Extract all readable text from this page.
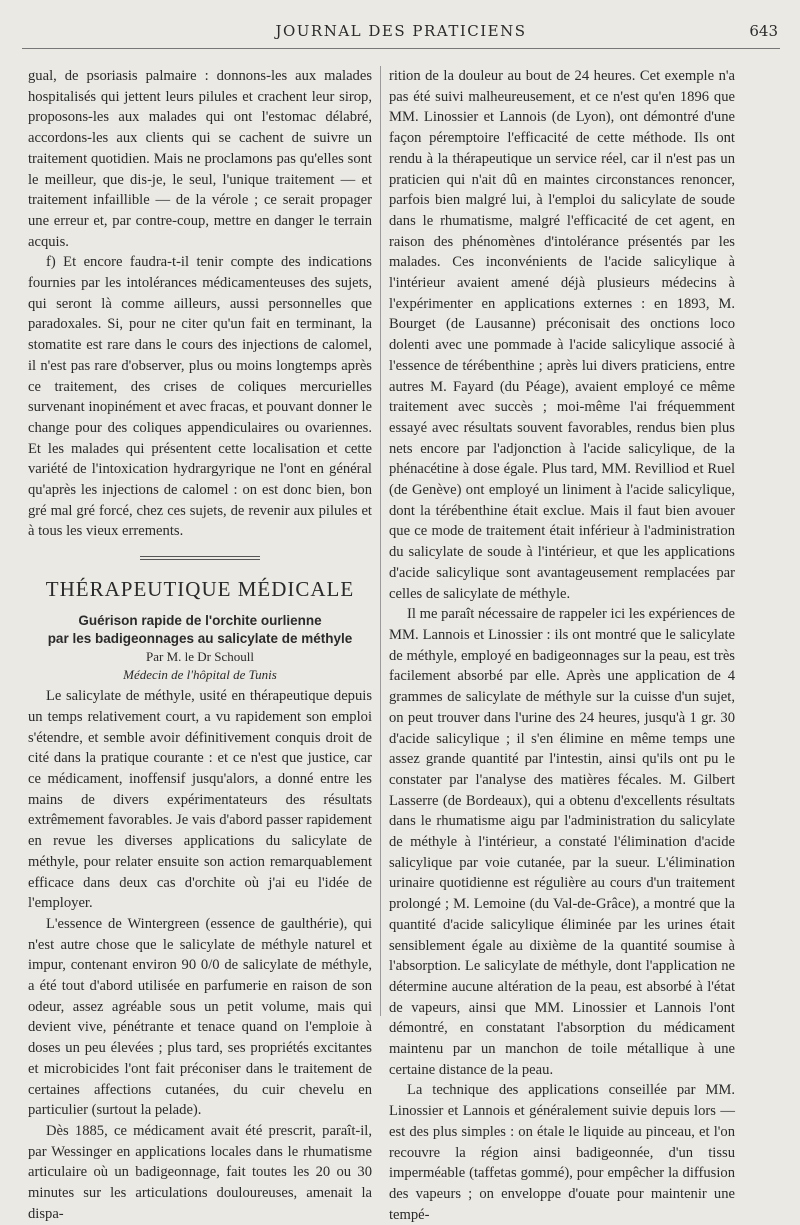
JOURNAL DES PRATICIENS	643

gual, de psoriasis palmaire : donnons-les aux malades hospitalisés qui jettent leurs pilules et crachent leur sirop, proposons-les aux malades qui ont l'estomac délabré, accordons-les aux clients qui se cachent de suivre un traitement quotidien. Mais ne proclamons pas qu'elles sont le meilleur, que dis-je, le seul, l'unique traitement — et traitement infaillible — de la vérole ; ce serait propager une erreur et, par contre-coup, mettre en danger le terrain acquis.

f) Et encore faudra-t-il tenir compte des indications fournies par les intolérances médicamenteuses des sujets, qui seront là comme ailleurs, aussi personnelles que paradoxales. Si, pour ne citer qu'un fait en terminant, la stomatite est rare dans le cours des injections de calomel, il n'est pas rare d'observer, plus ou moins longtemps après ce traitement, des crises de coliques mercurielles survenant inopinément et avec fracas, et pouvant donner le change pour des coliques appendiculaires ou ovariennes. Et les malades qui présentent cette localisation et cette variété de l'intoxication hydrargyrique ne l'ont en général qu'après les injections de calomel : on est donc bien, bon gré mal gré forcé, chez ces sujets, de revenir aux pilules et à tous les vieux errements.

THÉRAPEUTIQUE MÉDICALE
Guérison rapide de l'orchite ourlienne
par les badigeonnages au salicylate de méthyle
Par M. le Dr Schoull
Médecin de l'hôpital de Tunis

Le salicylate de méthyle, usité en thérapeutique depuis un temps relativement court, a vu rapidement son emploi s'étendre, et semble avoir définitivement conquis droit de cité dans la pratique courante : et ce n'est que justice, car ce médicament, inoffensif jusqu'alors, a donné entre les mains de divers expérimentateurs des résultats extrêmement favorables. Je vais d'abord passer rapidement en revue les diverses applications du salicylate de méthyle, pour relater ensuite son action remarquablement efficace dans deux cas d'orchite où j'ai eu l'idée de l'employer.

L'essence de Wintergreen (essence de gaulthérie), qui n'est autre chose que le salicylate de méthyle naturel et impur, contenant environ 90 0/0 de salicylate de méthyle, a été tout d'abord utilisée en parfumerie en raison de son odeur, assez agréable sous un petit volume, mais qui devient vive, pénétrante et tenace quand on l'emploie à doses un peu élevées ; plus tard, ses propriétés excitantes et microbicides l'ont fait préconiser dans le traitement de certaines affections cutanées, du cuir chevelu en particulier (surtout la pelade).

Dès 1885, ce médicament avait été prescrit, paraît-il, par Wessinger en applications locales dans le rhumatisme articulaire où un badigeonnage, fait toutes les 20 ou 30 minutes sur les articulations douloureuses, amenait la dispa-

rition de la douleur au bout de 24 heures. Cet exemple n'a pas été suivi malheureusement, et ce n'est qu'en 1896 que MM. Linossier et Lannois (de Lyon), ont démontré d'une façon péremptoire l'efficacité de cette méthode. Ils ont rendu à la thérapeutique un service réel, car il n'est pas un praticien qui n'ait dû en maintes circonstances renoncer, parfois bien malgré lui, à l'emploi du salicylate de soude dans le rhumatisme, malgré l'efficacité de cet agent, en raison des phénomènes d'intolérance présentés par les malades. Ces inconvénients de l'acide salicylique à l'intérieur avaient amené déjà plusieurs médecins à l'expérimenter en applications externes : en 1893, M. Bourget (de Lausanne) préconisait des onctions loco dolenti avec une pommade à l'acide salicylique associé à l'essence de térébenthine ; après lui divers praticiens, entre autres M. Fayard (du Péage), avaient employé ce même traitement avec succès ; moi-même l'ai fréquemment essayé avec résultats souvent favorables, rendus bien plus nets encore par l'adjonction à l'acide salicylique, de la phénacétine à dose égale. Plus tard, MM. Revilliod et Ruel (de Genève) ont employé un liniment à l'acide salicylique, dont la térébenthine était exclue. Mais il faut bien avouer que ce mode de traitement était inférieur à l'administration du salicylate de soude à l'intérieur, et que les applications d'acide salicylique sont avantageusement remplacées par celles de salicylate de méthyle.

Il me paraît nécessaire de rappeler ici les expériences de MM. Lannois et Linossier : ils ont montré que le salicylate de méthyle, employé en badigeonnages sur la peau, est très facilement absorbé par elle. Après une application de 4 grammes de salicylate de méthyle sur la cuisse d'un sujet, on peut trouver dans l'urine des 24 heures, jusqu'à 1 gr. 30 d'acide salicylique ; il s'en élimine en même temps une assez grande quantité par l'intestin, ainsi qu'ils ont pu le constater par l'analyse des matières fécales. M. Gilbert Lasserre (de Bordeaux), qui a obtenu d'excellents résultats dans le rhumatisme aigu par l'administration du salicylate de méthyle à l'intérieur, a constaté l'élimination d'acide salicylique par voie cutanée, par la sueur. L'élimination urinaire quotidienne est régulière au cours d'un traitement prolongé ; M. Lemoine (du Val-de-Grâce), a montré que la quantité d'acide salicylique éliminée par les urines était sensiblement égale au dixième de la quantité soumise à l'absorption. Le salicylate de méthyle, dont l'application ne détermine aucune altération de la peau, est absorbé à l'état de vapeurs, ainsi que MM. Linossier et Lannois l'ont démontré, en constatant l'absorption du médicament maintenu par un manchon de toile métallique à une certaine distance de la peau.

La technique des applications conseillée par MM. Linossier et Lannois et généralement suivie depuis lors — est des plus simples : on étale le liquide au pinceau, et l'on recouvre la région ainsi badigeonnée, d'un tissu imperméable (taffetas gommé), pour empêcher la diffusion des vapeurs ; on enveloppe d'ouate pour maintenir une tempé-
